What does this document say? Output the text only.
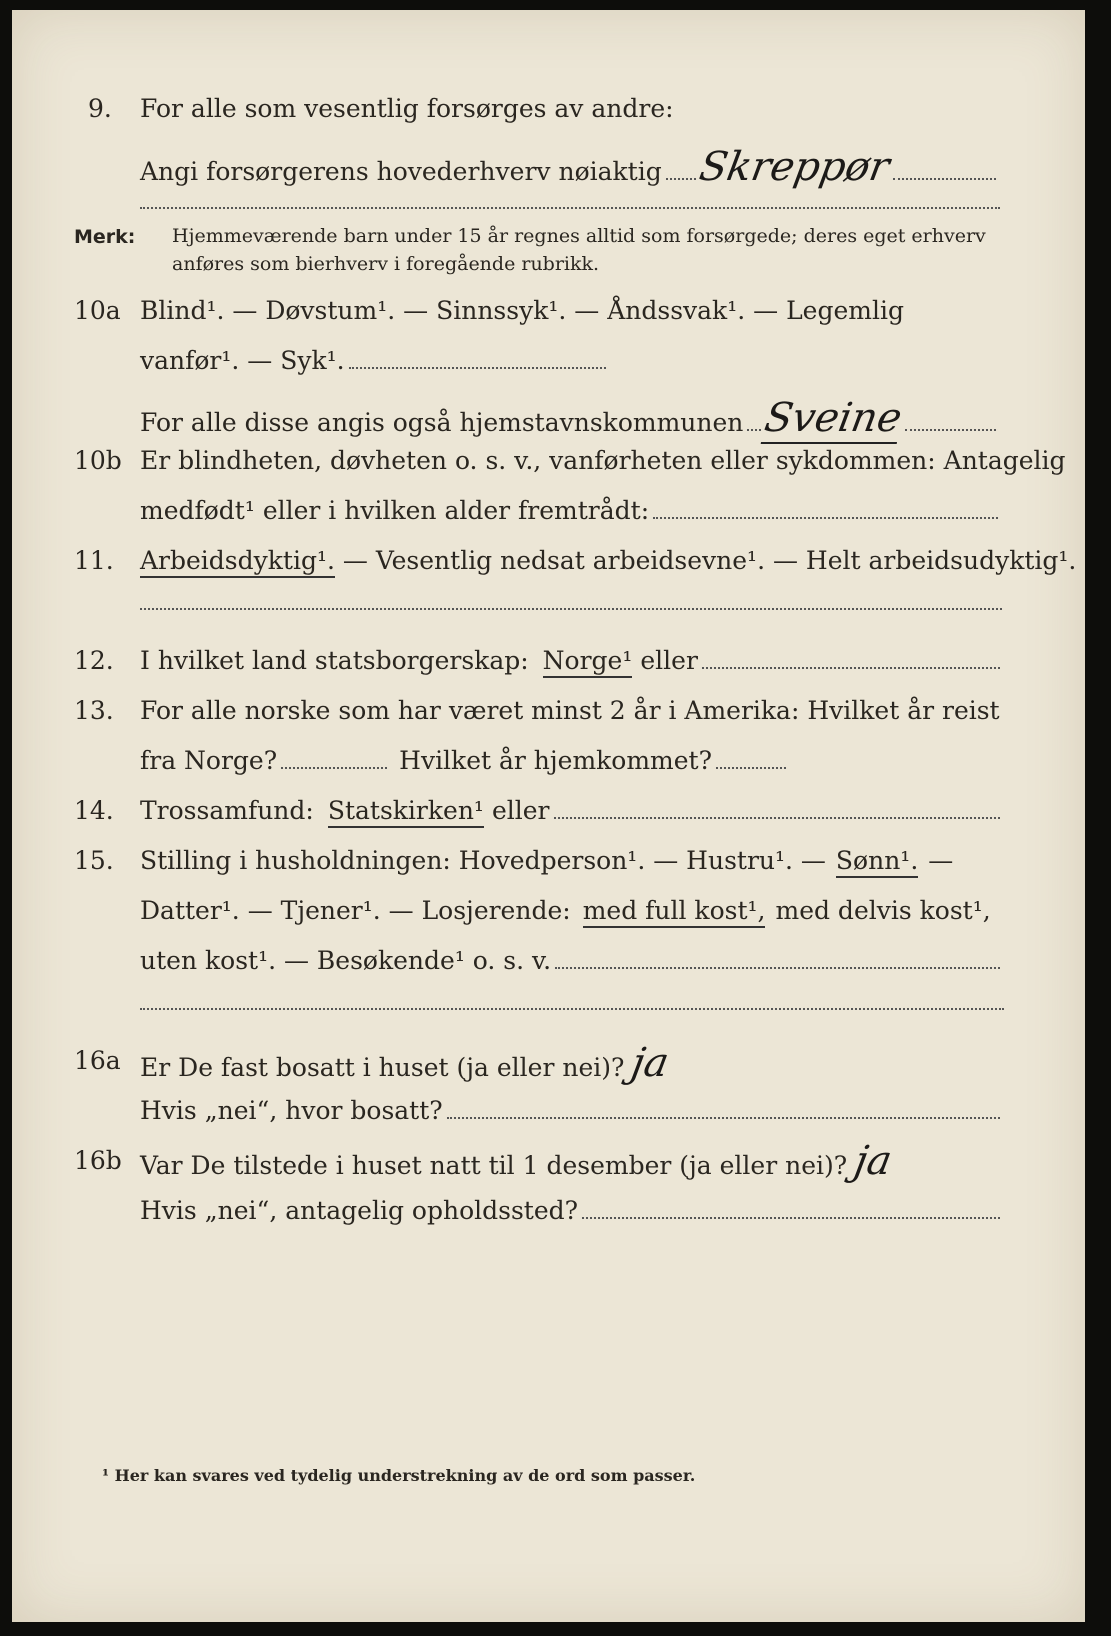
9. For alle som vesentlig forsørges av andre:
Angi forsørgerens hovederhverv nøiaktig Skreppør
Merk: Hjemmeværende barn under 15 år regnes alltid som forsørgede; deres eget erhverv
anføres som bierhverv i foregående rubrikk.
10a Blind¹. — Døvstum¹. — Sinnssyk¹. — Åndssvak¹. — Legemlig
vanfør¹. — Syk¹.
For alle disse angis også hjemstavnskommunen Sveine
10b Er blindheten, døvheten o. s. v., vanførheten eller sykdommen: Antagelig
medfødt¹ eller i hvilken alder fremtrådt:
11. Arbeidsdyktig¹. — Vesentlig nedsat arbeidsevne¹. — Helt arbeidsudyktig¹.
12. I hvilket land statsborgerskap: Norge¹ eller
13. For alle norske som har været minst 2 år i Amerika: Hvilket år reist
fra Norge?	Hvilket år hjemkommet?
14. Trossamfund: Statskirken¹ eller
15. Stilling i husholdningen: Hovedperson¹. — Hustru¹. — Sønn¹. —
Datter¹. — Tjener¹. — Losjerende: med full kost¹, med delvis kost¹,
uten kost¹. — Besøkende¹ o. s. v.
16a Er De fast bosatt i huset (ja eller nei)? ja
Hvis „nei“, hvor bosatt?
16b Var De tilstede i huset natt til 1 desember (ja eller nei)? ja
Hvis „nei“, antagelig opholdssted?
¹ Her kan svares ved tydelig understrekning av de ord som passer.
